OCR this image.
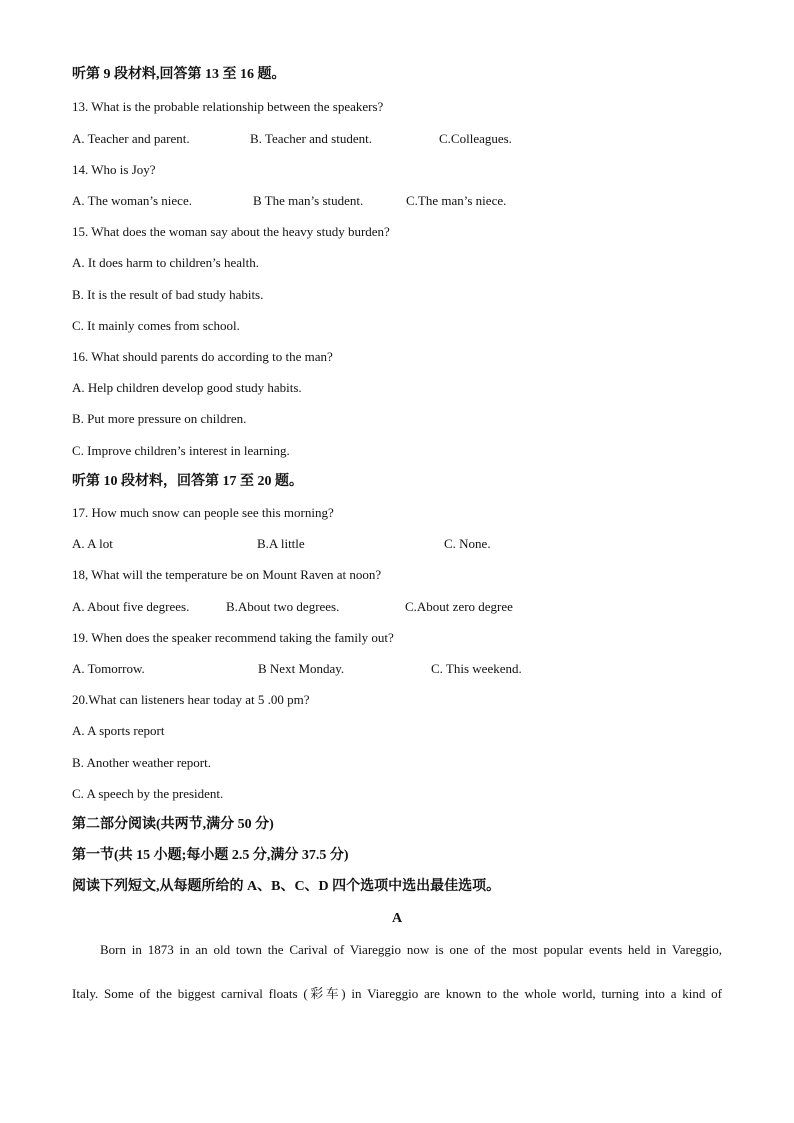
听第 9 段材料,回答第 13 至 16 题。
13. What is the probable relationship between the speakers?
A. Teacher and parent.	B. Teacher and student.	C.Colleagues.
14. Who is Joy?
A. The woman’s niece.	B The man’s student.	C.The man’s niece.
15. What does the woman say about the heavy study burden?
A. It does harm to children’s health.
B. It is the result of bad study habits.
C. It mainly comes from school.
16. What should parents do according to the man?
A. Help children develop good study habits.
B. Put more pressure on children.
C. Improve children’s interest in learning.
听第 10 段材料，回答第 17 至 20 题。
17. How much snow can people see this morning?
A. A lot	B.A little	C. None.
18, What will the temperature be on Mount Raven at noon?
A. About five degrees.	B.About two degrees.	C.About zero degree
19. When does the speaker recommend taking the family out?
A. Tomorrow.	B Next Monday.	C. This weekend.
20.What can listeners hear today at 5 .00 pm?
A. A sports report
B. Another weather report.
C. A speech by the president.
第二部分阅读(共两节,满分 50 分)
第一节(共 15 小题;每小题 2.5 分,满分 37.5 分)
阅读下列短文,从每题所给的 A、B、C、D 四个选项中选出最佳选项。
A
Born in 1873 in an old town the Carival of Viareggio now is one of the most popular events held in Vareggio,
Italy. Some of the biggest carnival floats (彩车) in Viareggio are known to the whole world, turning into a kind of
